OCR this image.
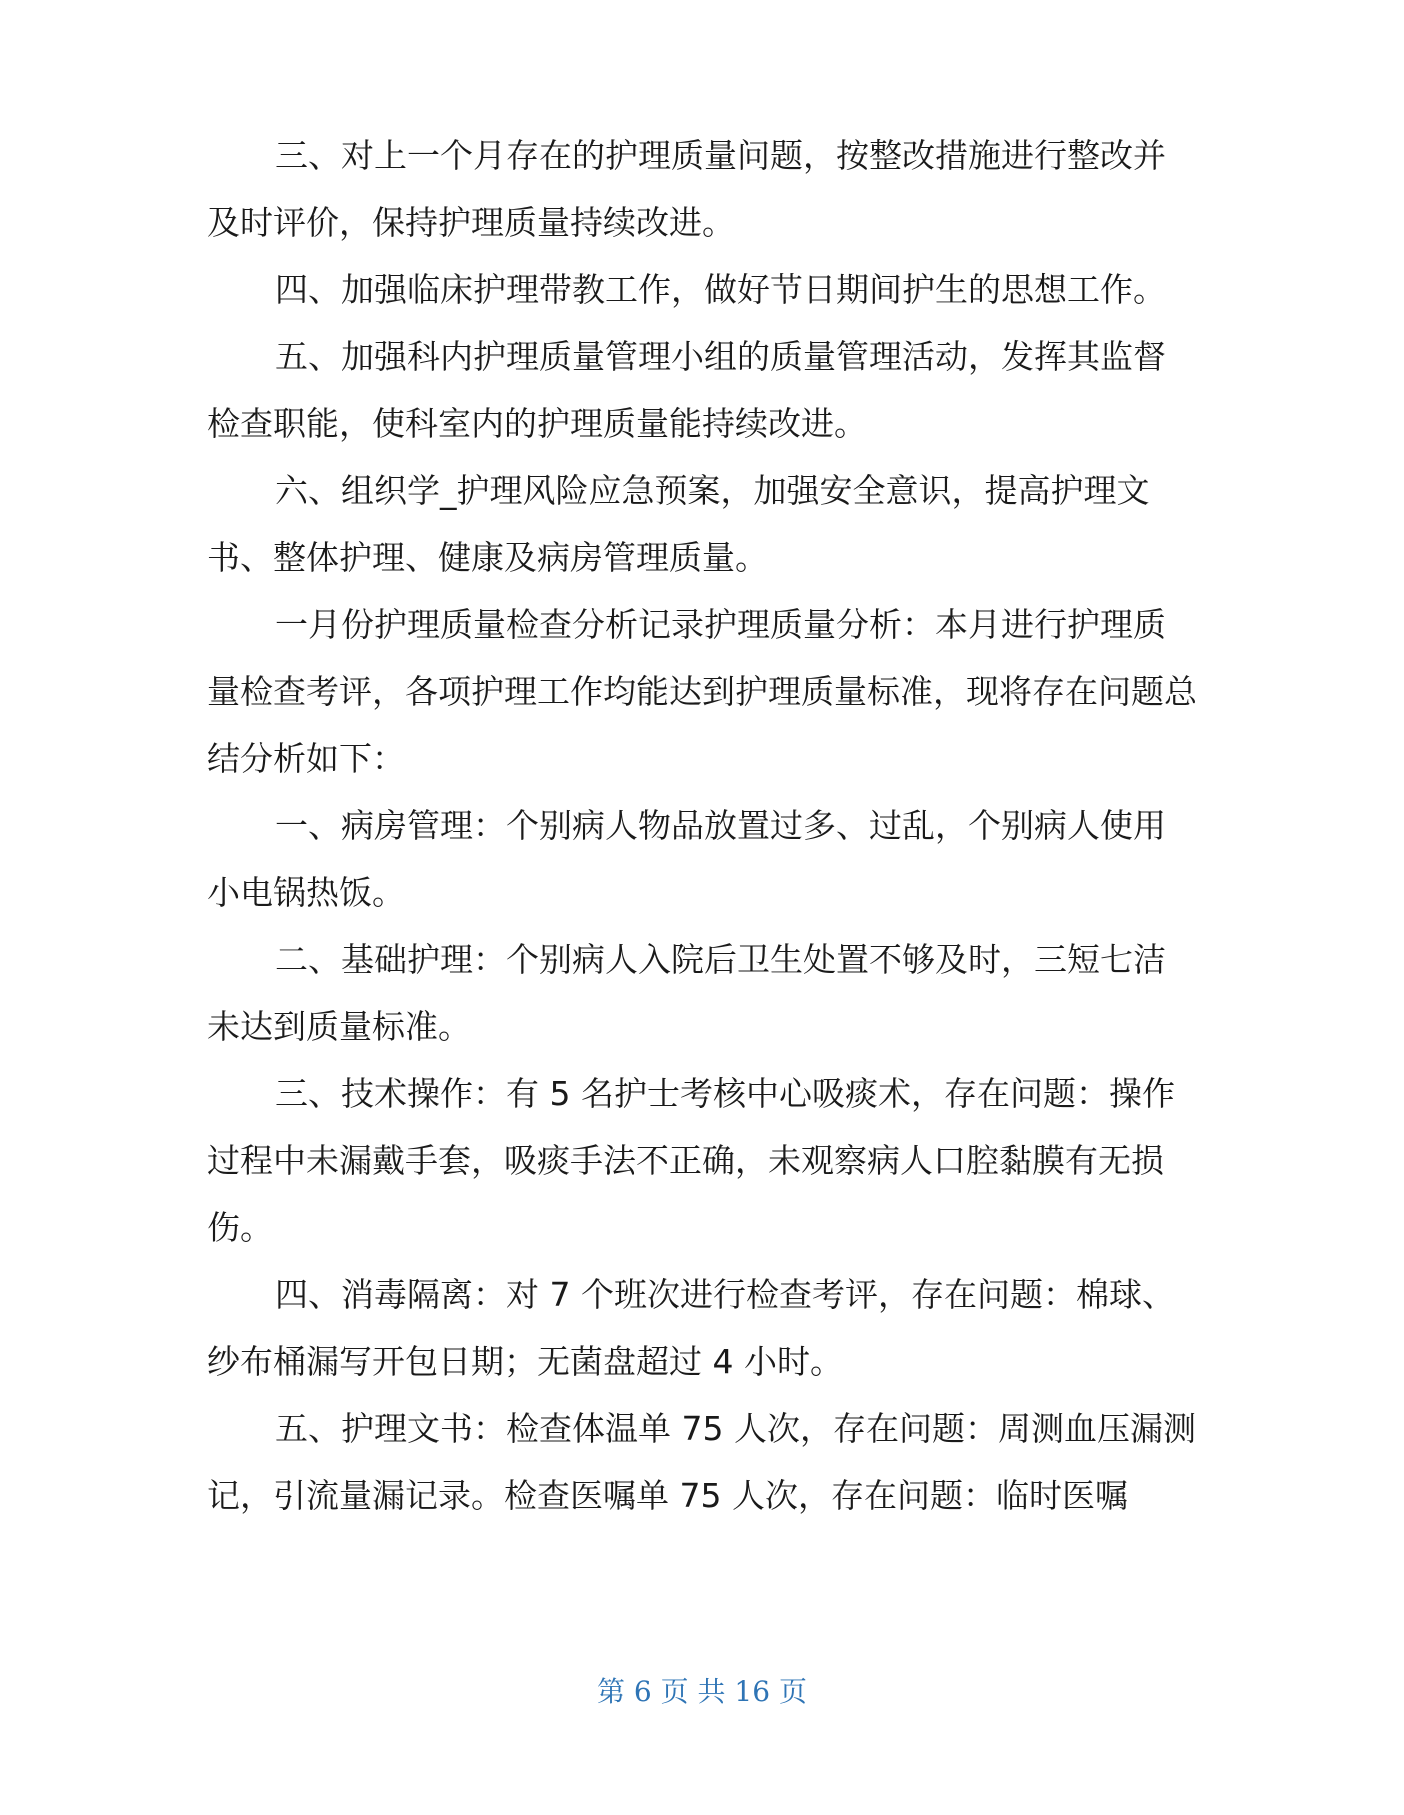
三、对上一个月存在的护理质量问题，按整改措施进行整改并及时评价，保持护理质量持续改进。

四、加强临床护理带教工作，做好节日期间护生的思想工作。

五、加强科内护理质量管理小组的质量管理活动，发挥其监督检查职能，使科室内的护理质量能持续改进。

六、组织学_护理风险应急预案，加强安全意识，提高护理文书、整体护理、健康及病房管理质量。

一月份护理质量检查分析记录护理质量分析：本月进行护理质量检查考评，各项护理工作均能达到护理质量标准，现将存在问题总结分析如下：

一、病房管理：个别病人物品放置过多、过乱，个别病人使用小电锅热饭。

二、基础护理：个别病人入院后卫生处置不够及时，三短七洁未达到质量标准。

三、技术操作：有 5 名护士考核中心吸痰术，存在问题：操作过程中未漏戴手套，吸痰手法不正确，未观察病人口腔黏膜有无损伤。

四、消毒隔离：对 7 个班次进行检查考评，存在问题：棉球、纱布桶漏写开包日期；无菌盘超过 4 小时。

五、护理文书：检查体温单 75 人次，存在问题：周测血压漏测记，引流量漏记录。检查医嘱单 75 人次，存在问题：临时医嘱

第 6 页 共 16 页
